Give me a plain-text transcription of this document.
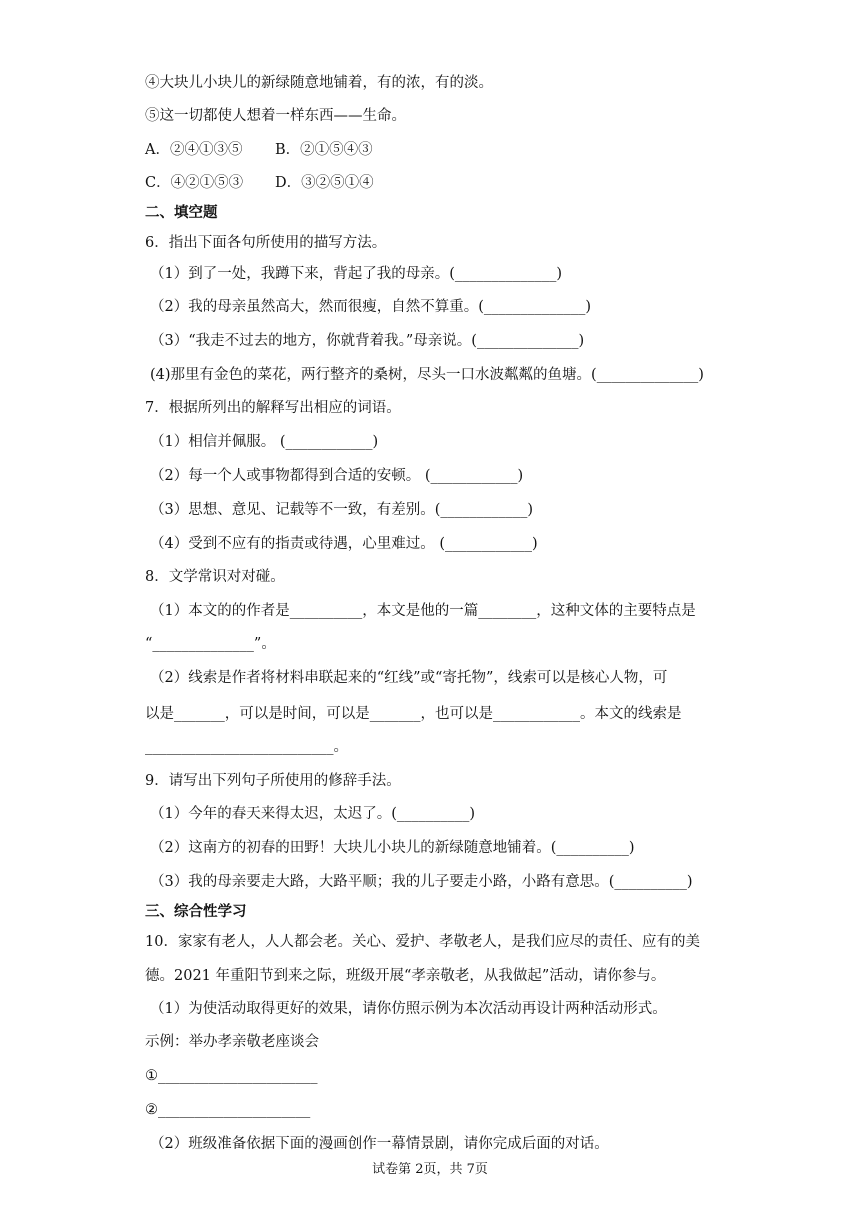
④大块儿小块儿的新绿随意地铺着，有的浓，有的淡。
⑤这一切都使人想着一样东西——生命。
A．②④①③⑤ B．②①⑤④③
C．④②①⑤③ D．③②⑤①④
二、填空题
6．指出下面各句所使用的描写方法。
（1）到了一处，我蹲下来，背起了我的母亲。(______________)
（2）我的母亲虽然高大，然而很瘦，自然不算重。(______________)
（3）“我走不过去的地方，你就背着我。”母亲说。(______________)
(4)那里有金色的菜花，两行整齐的桑树，尽头一口水波粼粼的鱼塘。(______________)
7．根据所列出的解释写出相应的词语。
（1）相信并佩服。 (____________)
（2）每一个人或事物都得到合适的安顿。 (____________)
（3）思想、意见、记载等不一致，有差别。(____________)
（4）受到不应有的指责或待遇，心里难过。 (____________)
8．文学常识对对碰。
（1）本文的的作者是__________，本文是他的一篇________，这种文体的主要特点是
“______________”。
（2）线索是作者将材料串联起来的“红线”或“寄托物”，线索可以是核心人物，可
以是_______，可以是时间，可以是_______，也可以是____________。本文的线索是
__________________________。
9．请写出下列句子所使用的修辞手法。
（1）今年的春天来得太迟，太迟了。(__________)
（2）这南方的初春的田野！大块儿小块儿的新绿随意地铺着。(__________)
（3）我的母亲要走大路，大路平顺；我的儿子要走小路，小路有意思。(__________)
三、综合性学习
10．家家有老人，人人都会老。关心、爱护、孝敬老人，是我们应尽的责任、应有的美
德。2021 年重阳节到来之际，班级开展“孝亲敬老，从我做起”活动，请你参与。
（1）为使活动取得更好的效果，请你仿照示例为本次活动再设计两种活动形式。
示例：举办孝亲敬老座谈会
①______________________
②_____________________
（2）班级准备依据下面的漫画创作一幕情景剧，请你完成后面的对话。
试卷第 2页，共 7页
